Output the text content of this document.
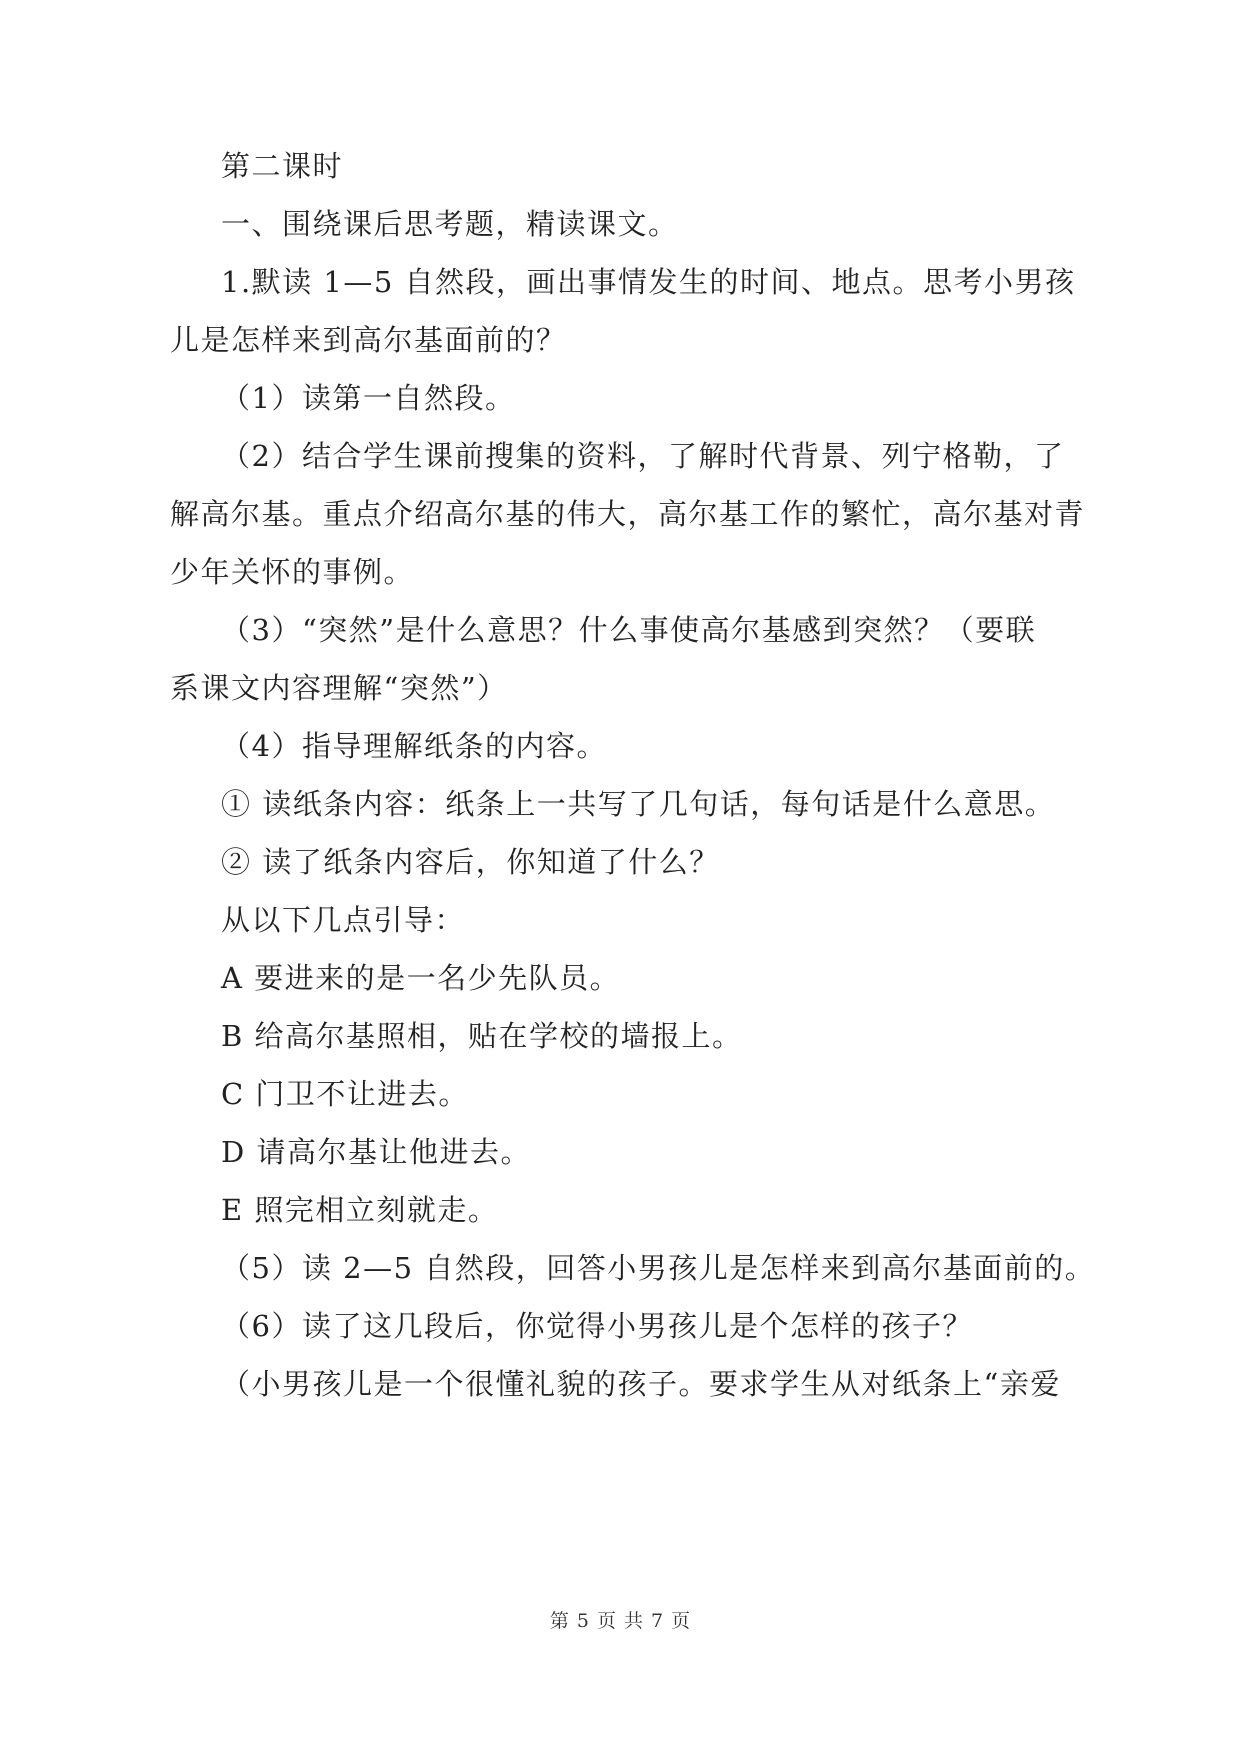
第二课时
一、围绕课后思考题，精读课文。
1.默读 1—5 自然段，画出事情发生的时间、地点。思考小男孩
儿是怎样来到高尔基面前的？
（1）读第一自然段。
（2）结合学生课前搜集的资料，了解时代背景、列宁格勒，了
解高尔基。重点介绍高尔基的伟大，高尔基工作的繁忙，高尔基对青
少年关怀的事例。
（3）“突然”是什么意思？什么事使高尔基感到突然？（要联
系课文内容理解“突然”）
（4）指导理解纸条的内容。
① 读纸条内容：纸条上一共写了几句话，每句话是什么意思。
② 读了纸条内容后，你知道了什么？
从以下几点引导：
A 要进来的是一名少先队员。
B 给高尔基照相，贴在学校的墙报上。
C 门卫不让进去。
D 请高尔基让他进去。
E 照完相立刻就走。
（5）读 2—5 自然段，回答小男孩儿是怎样来到高尔基面前的。
（6）读了这几段后，你觉得小男孩儿是个怎样的孩子？
（小男孩儿是一个很懂礼貌的孩子。要求学生从对纸条上“亲爱
第 5 页 共 7 页
